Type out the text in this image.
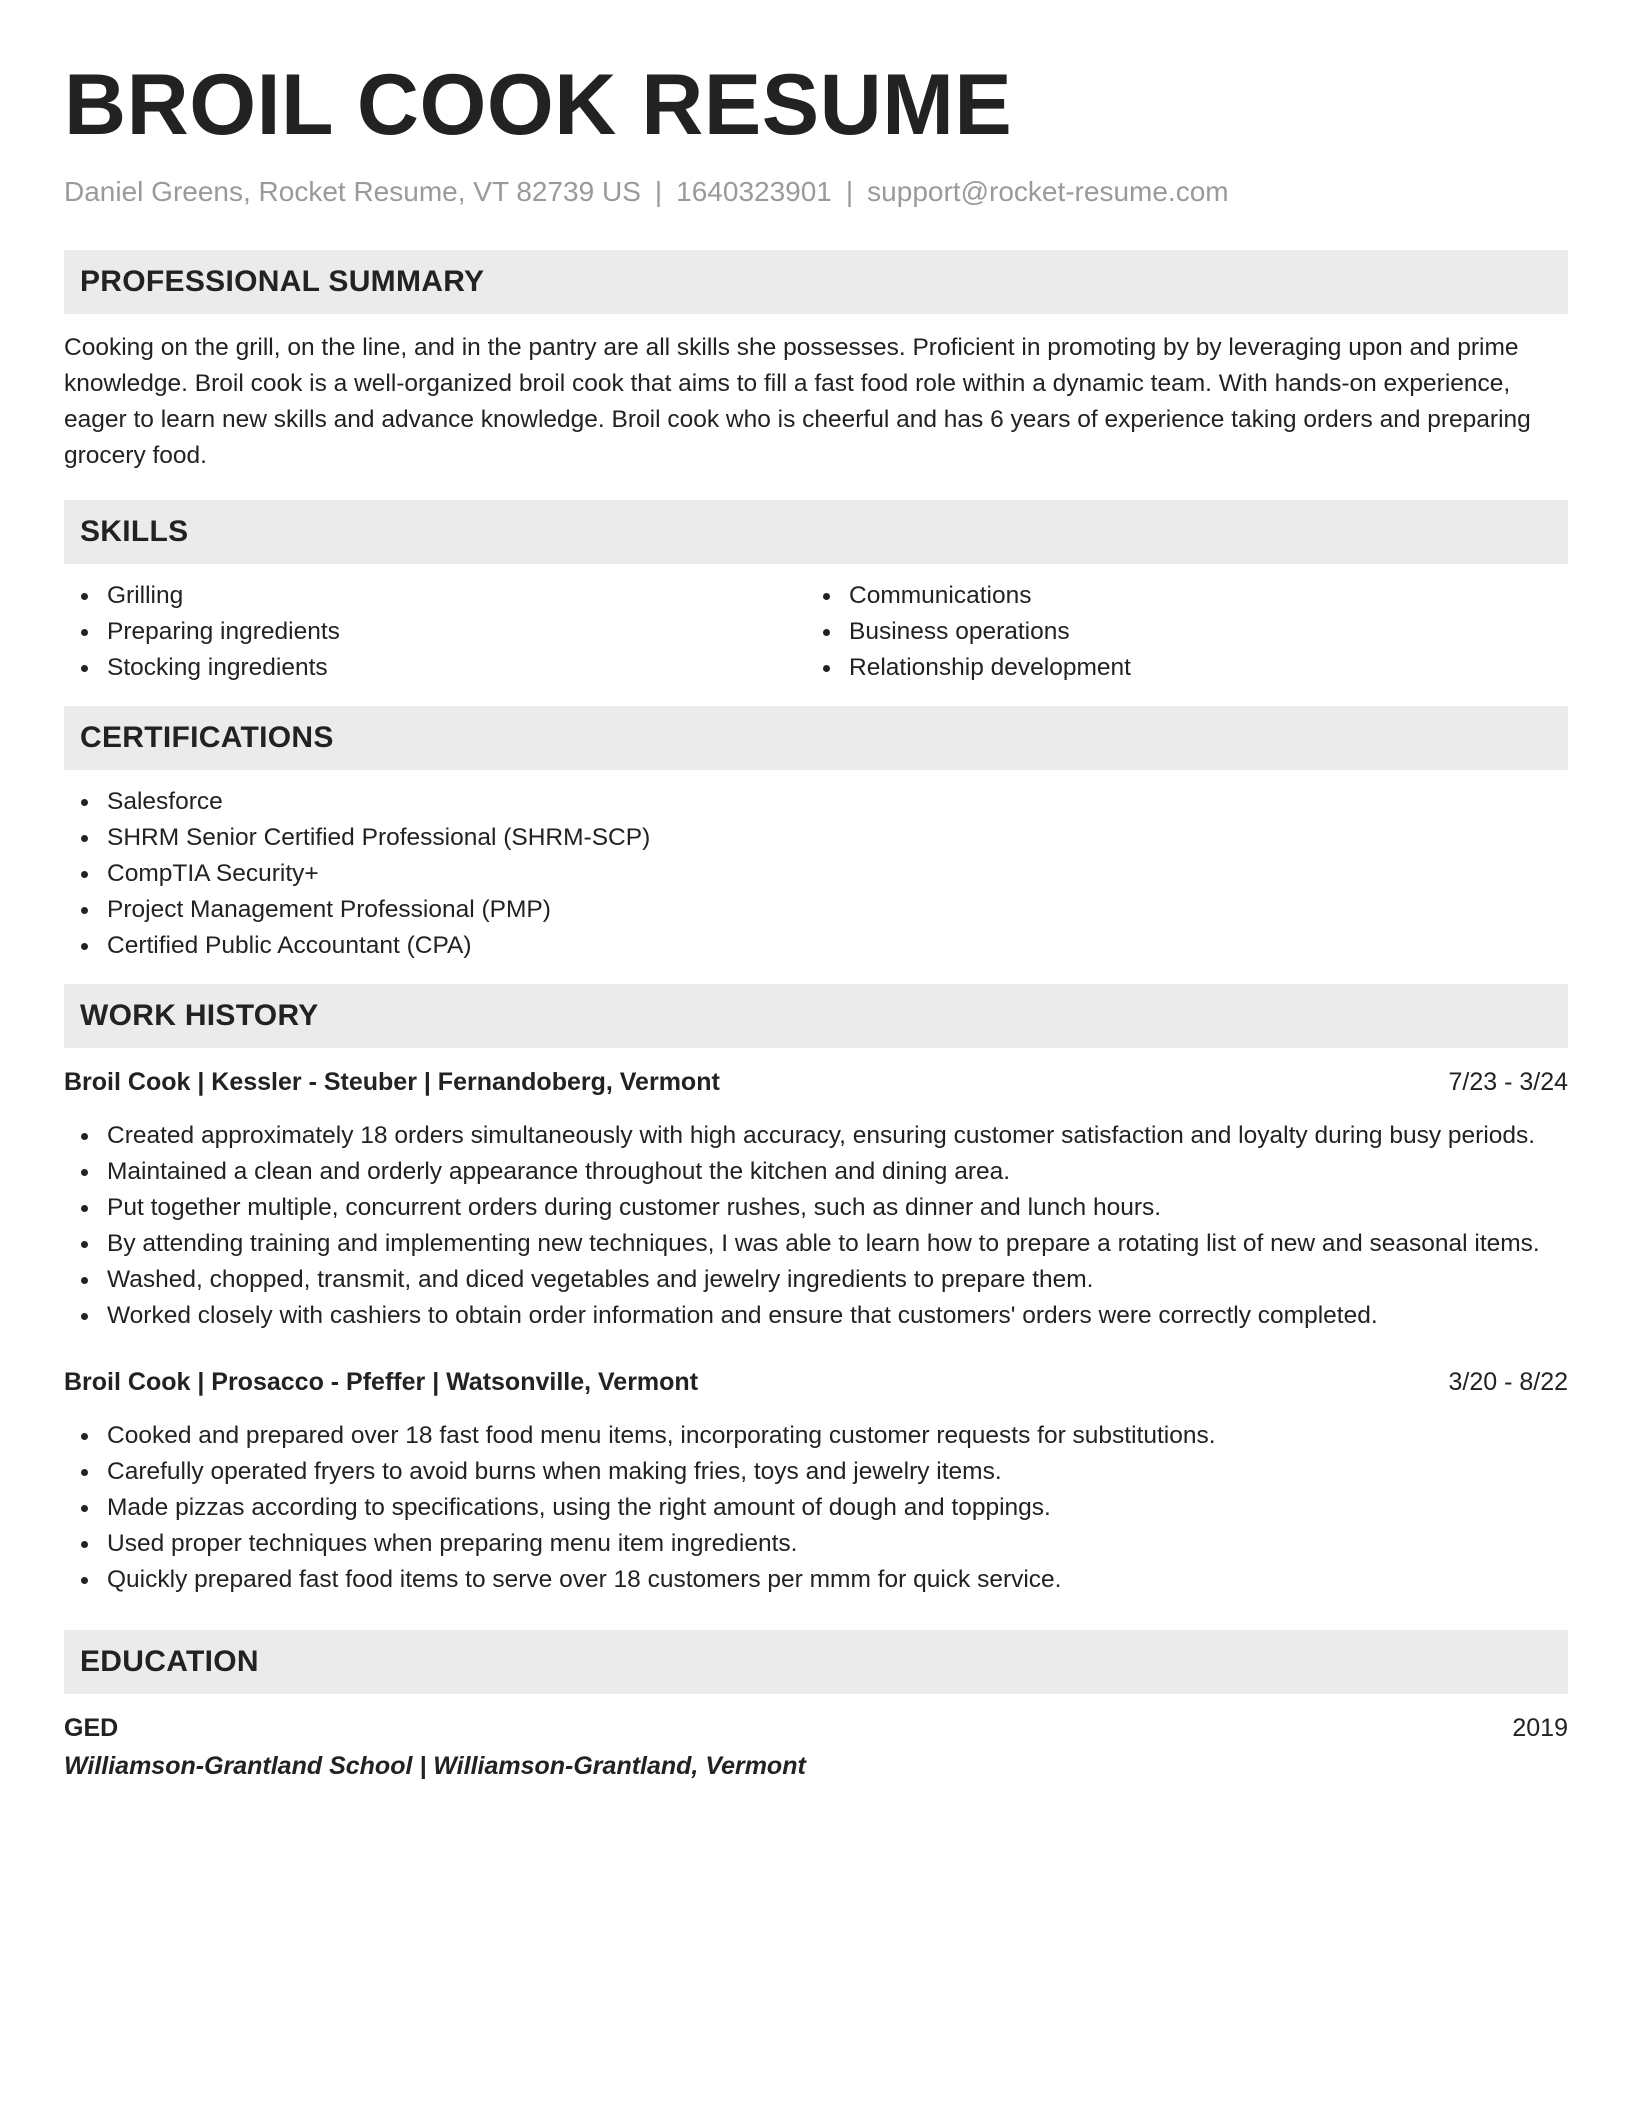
BROIL COOK RESUME
Daniel Greens, Rocket Resume, VT 82739 US | 1640323901 | support@rocket-resume.com
PROFESSIONAL SUMMARY
Cooking on the grill, on the line, and in the pantry are all skills she possesses. Proficient in promoting by by leveraging upon and prime knowledge. Broil cook is a well-organized broil cook that aims to fill a fast food role within a dynamic team. With hands-on experience, eager to learn new skills and advance knowledge. Broil cook who is cheerful and has 6 years of experience taking orders and preparing grocery food.
SKILLS
Grilling
Preparing ingredients
Stocking ingredients
Communications
Business operations
Relationship development
CERTIFICATIONS
Salesforce
SHRM Senior Certified Professional (SHRM-SCP)
CompTIA Security+
Project Management Professional (PMP)
Certified Public Accountant (CPA)
WORK HISTORY
Broil Cook | Kessler - Steuber | Fernandoberg, Vermont	7/23 - 3/24
Created approximately 18 orders simultaneously with high accuracy, ensuring customer satisfaction and loyalty during busy periods.
Maintained a clean and orderly appearance throughout the kitchen and dining area.
Put together multiple, concurrent orders during customer rushes, such as dinner and lunch hours.
By attending training and implementing new techniques, I was able to learn how to prepare a rotating list of new and seasonal items.
Washed, chopped, transmit, and diced vegetables and jewelry ingredients to prepare them.
Worked closely with cashiers to obtain order information and ensure that customers' orders were correctly completed.
Broil Cook | Prosacco - Pfeffer | Watsonville, Vermont	3/20 - 8/22
Cooked and prepared over 18 fast food menu items, incorporating customer requests for substitutions.
Carefully operated fryers to avoid burns when making fries, toys and jewelry items.
Made pizzas according to specifications, using the right amount of dough and toppings.
Used proper techniques when preparing menu item ingredients.
Quickly prepared fast food items to serve over 18 customers per mmm for quick service.
EDUCATION
GED	2019
Williamson-Grantland School | Williamson-Grantland, Vermont
